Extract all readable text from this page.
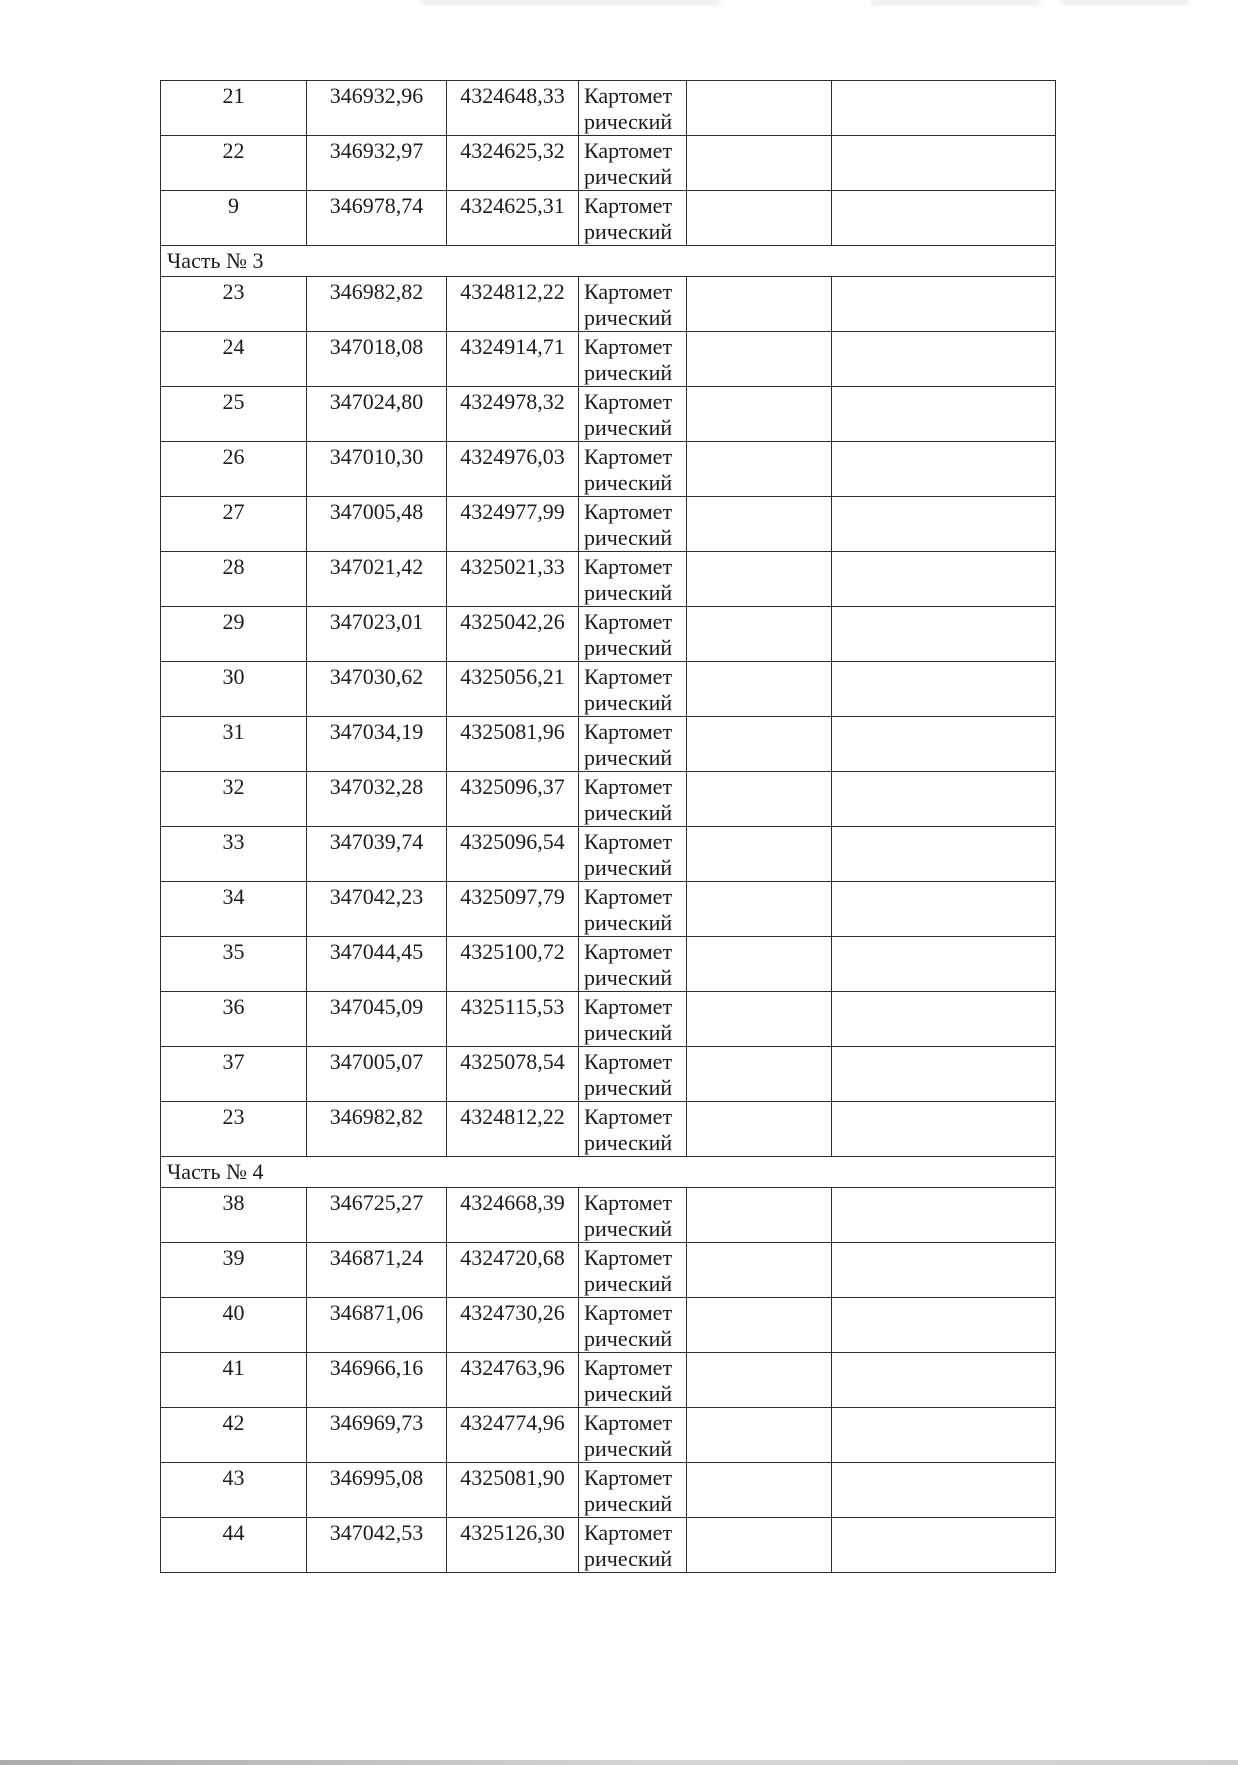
21	346932,96	4324648,33	Картомет
рический		

22	346932,97	4324625,32	Картомет
рический		

9	346978,74	4324625,31	Картомет
рический		

Часть № 3					
23	346982,82	4324812,22	Картомет
рический		

24	347018,08	4324914,71	Картомет
рический		

25	347024,80	4324978,32	Картомет
рический		

26	347010,30	4324976,03	Картомет
рический		

27	347005,48	4324977,99	Картомет
рический		

28	347021,42	4325021,33	Картомет
рический		

29	347023,01	4325042,26	Картомет
рический		

30	347030,62	4325056,21	Картомет
рический		

31	347034,19	4325081,96	Картомет
рический		

32	347032,28	4325096,37	Картомет
рический		

33	347039,74	4325096,54	Картомет
рический		

34	347042,23	4325097,79	Картомет
рический		

35	347044,45	4325100,72	Картомет
рический		

36	347045,09	4325115,53	Картомет
рический		

37	347005,07	4325078,54	Картомет
рический		

23	346982,82	4324812,22	Картомет
рический		

Часть № 4					
38	346725,27	4324668,39	Картомет
рический		

39	346871,24	4324720,68	Картомет
рический		

40	346871,06	4324730,26	Картомет
рический		

41	346966,16	4324763,96	Картомет
рический		

42	346969,73	4324774,96	Картомет
рический		

43	346995,08	4325081,90	Картомет
рический		

44	347042,53	4325126,30	Картомет
рический		
